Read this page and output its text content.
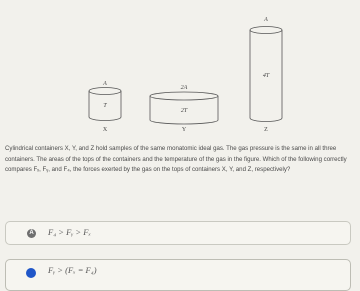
A
T
X
2A
2T
Y
A
4T
Z
Cylindrical containers X, Y, and Z hold samples of the same monatomic ideal gas. The gas pressure is the same in all three containers. The areas of the tops of the containers and the temperature of the gas in the figure. Which of the following correctly compares Fₓ, Fᵧ, and F₄, the forces exerted by the gas on the tops of containers X, Y, and Z, respectively?
A F₄ > Fᵧ > Fₓ
Fᵧ > (Fₓ = F₄)
